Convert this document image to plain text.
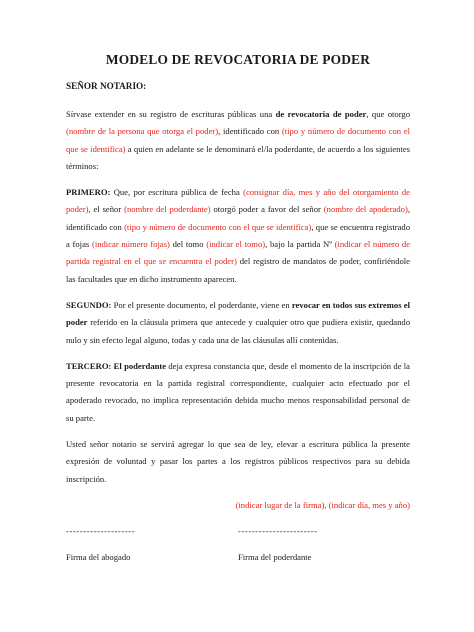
MODELO DE REVOCATORIA DE PODER
SEÑOR NOTARIO:

Sírvase extender en su registro de escrituras públicas una de revocatoria de poder, que otorgo (nombre de la persona que otorga el poder), identificado con (tipo y número de documento con el que se identifica) a quien en adelante se le denominará el/la poderdante, de acuerdo a los siguientes términos:

PRIMERO: Que, por escritura pública de fecha (consignar día, mes y año del otorgamiento de poder), el señor (nombre del poderdante) otorgó poder a favor del señor (nombre del apoderado), identificado con (tipo y número de documento con el que se identifica), que se encuentra registrado a fojas (indicar número fojas) del tomo (indicar el tomo), bajo la partida Nº (indicar el número de partida registral en el que se encuentra el poder) del registro de mandatos de poder, confiriéndole las facultades que en dicho instrumento aparecen.

SEGUNDO: Por el presente documento, el poderdante, viene en revocar en todos sus extremos el poder referido en la cláusula primera que antecede y cualquier otro que pudiera existir, quedando nulo y sin efecto legal alguno, todas y cada una de las cláusulas allí contenidas.

TERCERO: El poderdante deja expresa constancia que, desde el momento de la inscripción de la presente revocatoria en la partida registral correspondiente, cualquier acto efectuado por el apoderado revocado, no implica representación debida mucho menos responsabilidad personal de su parte.

Usted señor notario se servirá agregar lo que sea de ley, elevar a escritura pública la presente expresión de voluntad y pasar los partes a los registros públicos respectivos para su debida inscripción.

(indicar lugar de la firma), (indicar día, mes y año)
--------------------
Firma del abogado
-----------------------
Firma del poderdante
